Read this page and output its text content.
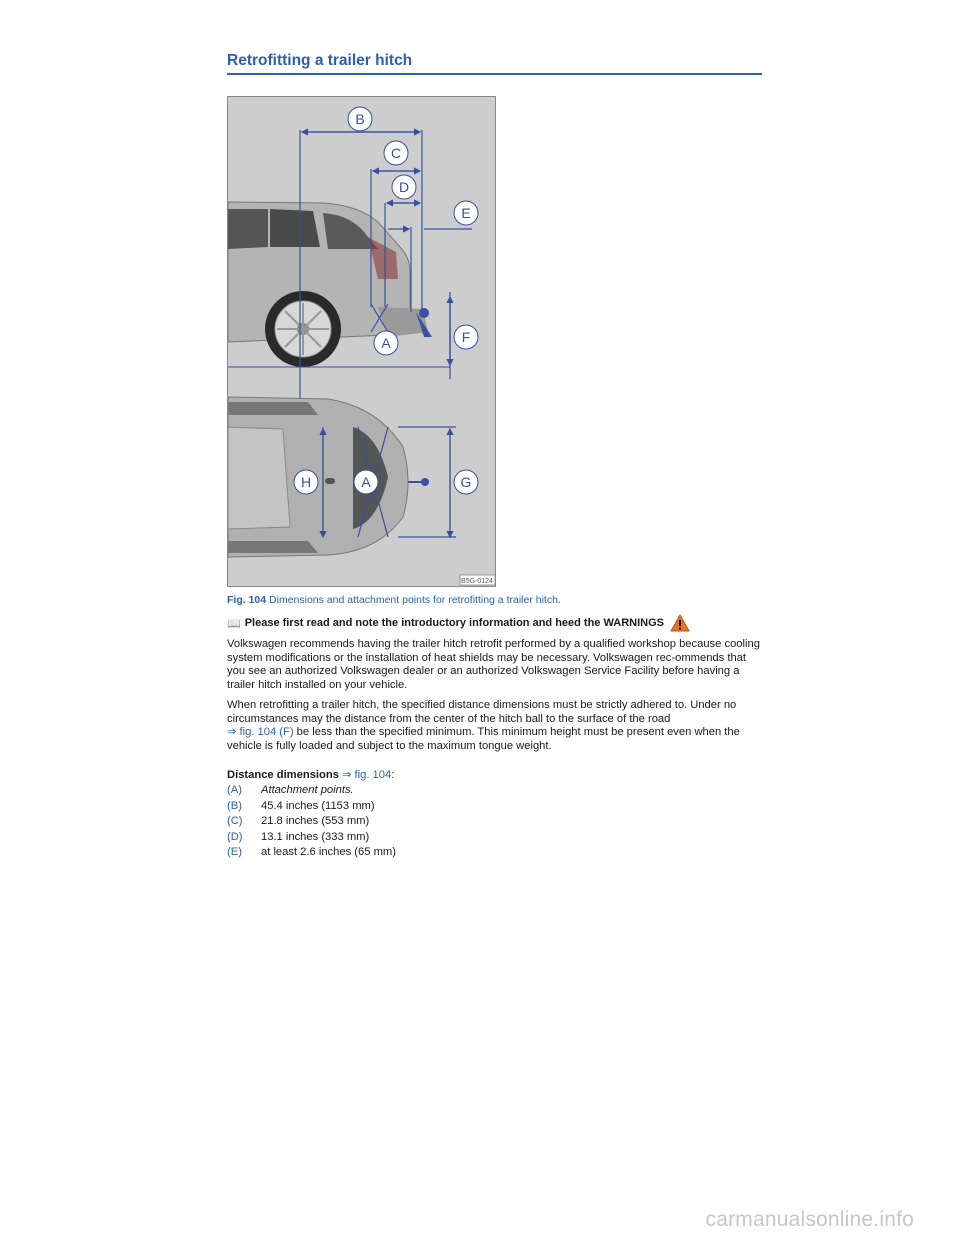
Retrofitting a trailer hitch
B
C
D
E
F
A
H	A	G
B5G-0124
Fig. 104 Dimensions and attachment points for retrofitting a trailer hitch.
📖 Please first read and note the introductory information and heed the WARNINGS
Volkswagen recommends having the trailer hitch retrofit performed by a qualified workshop because cooling system modifications or the installation of heat shields may be necessary. Volkswagen rec-ommends that you see an authorized Volkswagen dealer or an authorized Volkswagen Service Facility before having a trailer hitch installed on your vehicle.
When retrofitting a trailer hitch, the specified distance dimensions must be strictly adhered to. Under no circumstances may the distance from the center of the hitch ball to the surface of the road
⇒ fig. 104 (F) be less than the specified minimum. This minimum height must be present even when the vehicle is fully loaded and subject to the maximum tongue weight.
Distance dimensions ⇒ fig. 104:
(A)	Attachment points.
(B)	45.4 inches (1153 mm)
(C)	21.8 inches (553 mm)
(D)	13.1 inches (333 mm)
(E)	at least 2.6 inches (65 mm)
carmanualsonline.info
